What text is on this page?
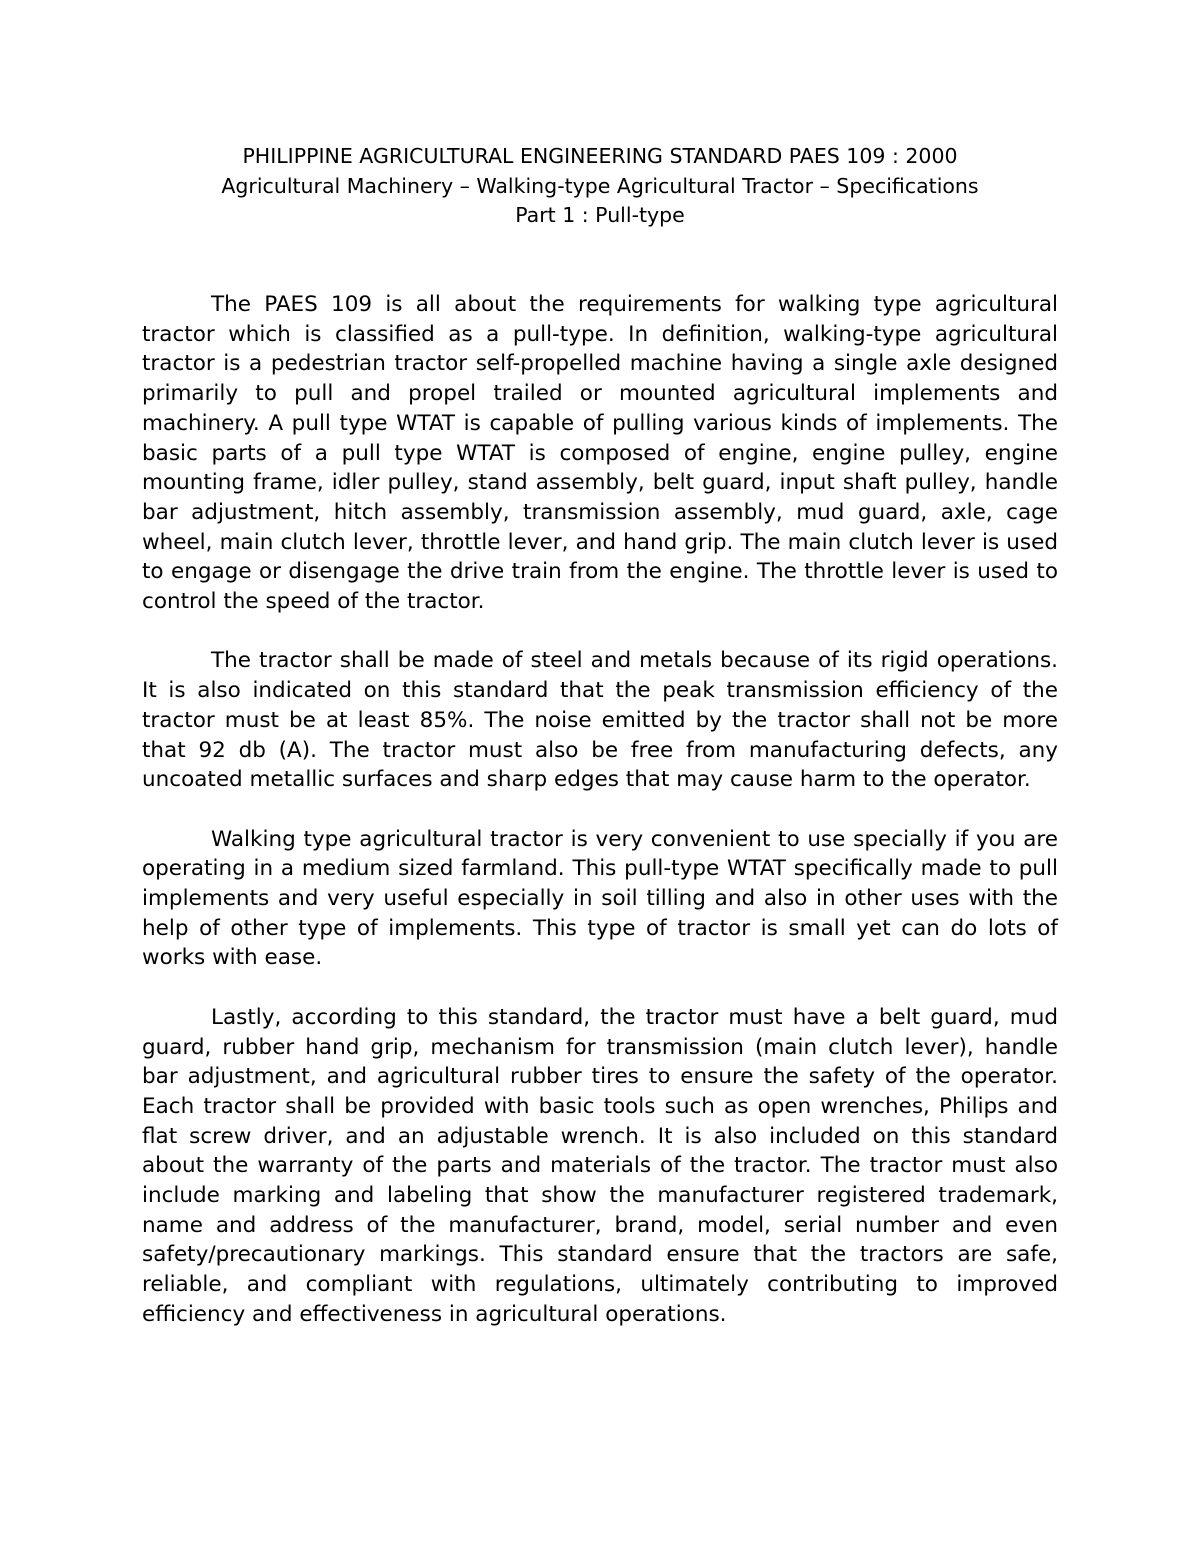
PHILIPPINE AGRICULTURAL ENGINEERING STANDARD PAES 109 : 2000
Agricultural Machinery – Walking-type Agricultural Tractor – Specifications
Part 1 : Pull-type

The PAES 109 is all about the requirements for walking type agricultural tractor which is classified as a pull-type. In definition, walking-type agricultural tractor is a pedestrian tractor self-propelled machine having a single axle designed primarily to pull and propel trailed or mounted agricultural implements and machinery. A pull type WTAT is capable of pulling various kinds of implements. The basic parts of a pull type WTAT is composed of engine, engine pulley, engine mounting frame, idler pulley, stand assembly, belt guard, input shaft pulley, handle bar adjustment, hitch assembly, transmission assembly, mud guard, axle, cage wheel, main clutch lever, throttle lever, and hand grip. The main clutch lever is used to engage or disengage the drive train from the engine. The throttle lever is used to control the speed of the tractor.

The tractor shall be made of steel and metals because of its rigid operations. It is also indicated on this standard that the peak transmission efficiency of the tractor must be at least 85%. The noise emitted by the tractor shall not be more that 92 db (A). The tractor must also be free from manufacturing defects, any uncoated metallic surfaces and sharp edges that may cause harm to the operator.

Walking type agricultural tractor is very convenient to use specially if you are operating in a medium sized farmland. This pull-type WTAT specifically made to pull implements and very useful especially in soil tilling and also in other uses with the help of other type of implements. This type of tractor is small yet can do lots of works with ease.

Lastly, according to this standard, the tractor must have a belt guard, mud guard, rubber hand grip, mechanism for transmission (main clutch lever), handle bar adjustment, and agricultural rubber tires to ensure the safety of the operator. Each tractor shall be provided with basic tools such as open wrenches, Philips and flat screw driver, and an adjustable wrench. It is also included on this standard about the warranty of the parts and materials of the tractor. The tractor must also include marking and labeling that show the manufacturer registered trademark, name and address of the manufacturer, brand, model, serial number and even safety/precautionary markings. This standard ensure that the tractors are safe, reliable, and compliant with regulations, ultimately contributing to improved efficiency and effectiveness in agricultural operations.
